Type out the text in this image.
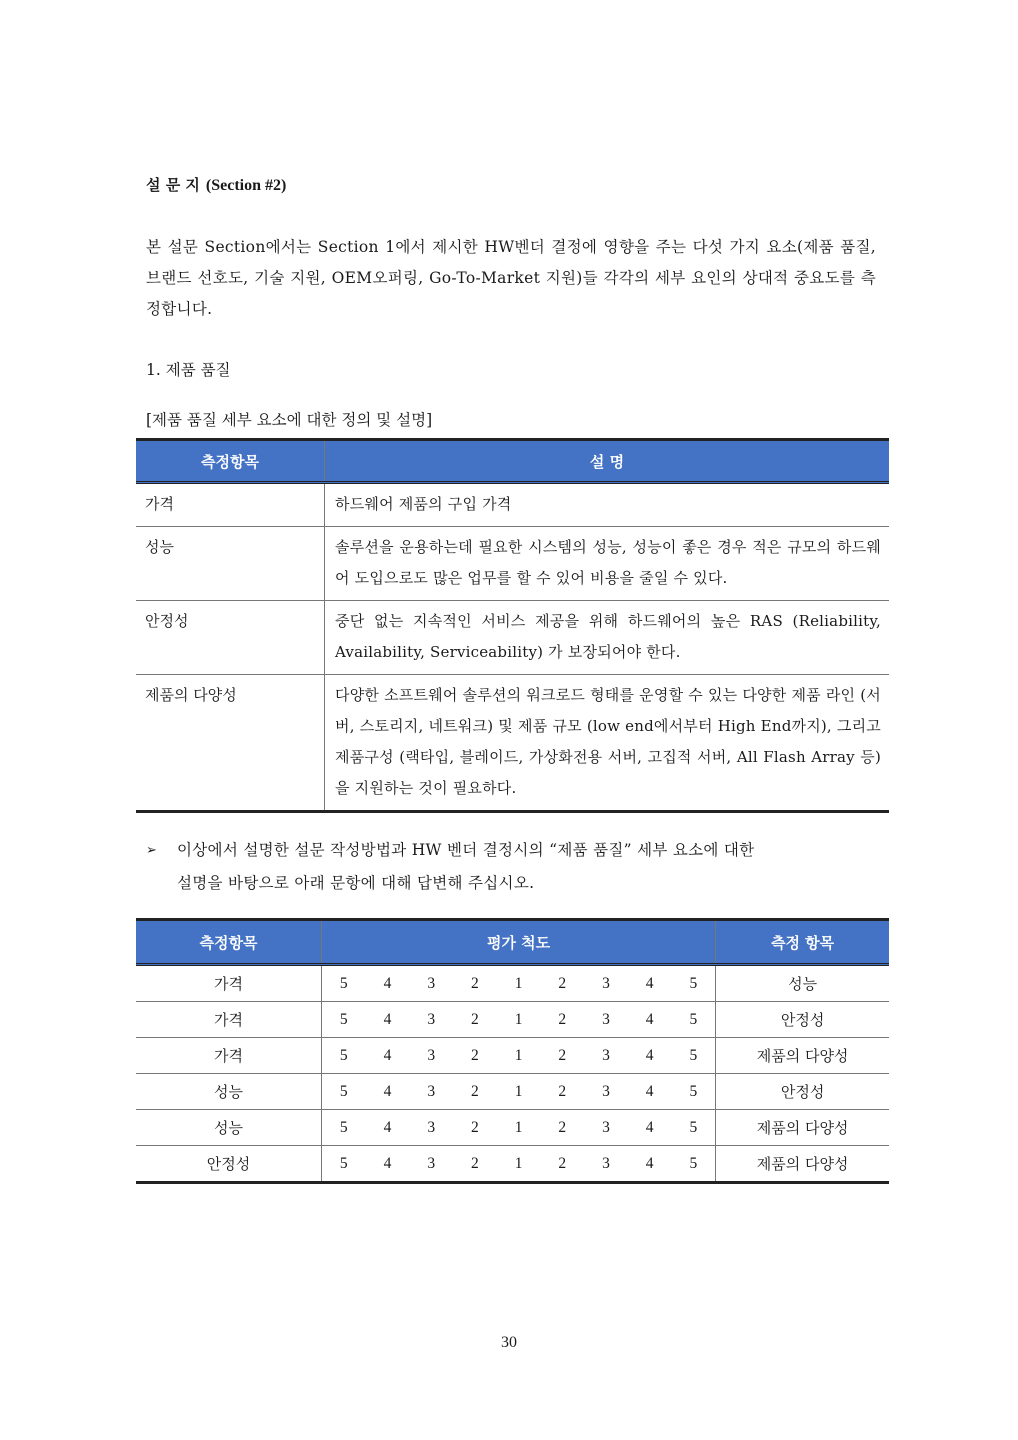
설 문 지 (Section #2)
본 설문 Section에서는 Section 1에서 제시한 HW벤더 결정에 영향을 주는 다섯 가지 요소(제품 품질, 브랜드 선호도, 기술 지원, OEM오퍼링, Go-To-Market 지원)들 각각의 세부 요인의 상대적 중요도를 측정합니다.
1. 제품 품질
[제품 품질 세부 요소에 대한 정의 및 설명]
측정항목	설 명
가격	하드웨어 제품의 구입 가격
성능	솔루션을 운용하는데 필요한 시스템의 성능, 성능이 좋은 경우 적은 규모의 하드웨어 도입으로도 많은 업무를 할 수 있어 비용을 줄일 수 있다.
안정성	중단 없는 지속적인 서비스 제공을 위해 하드웨어의 높은 RAS (Reliability, Availability, Serviceability) 가 보장되어야 한다.
제품의 다양성	다양한 소프트웨어 솔루션의 워크로드 형태를 운영할 수 있는 다양한 제품 라인 (서버, 스토리지, 네트워크) 및 제품 규모 (low end에서부터 High End까지), 그리고 제품구성 (랙타입, 블레이드, 가상화전용 서버, 고집적 서버, All Flash Array 등)을 지원하는 것이 필요하다.
➢ 이상에서 설명한 설문 작성방법과 HW 벤더 결정시의 “제품 품질” 세부 요소에 대한
설명을 바탕으로 아래 문항에 대해 답변해 주십시오.
측정항목	평가 척도									측정 항목
가격	5	4	3	2	1	2	3	4	5	성능
가격	5	4	3	2	1	2	3	4	5	안정성
가격	5	4	3	2	1	2	3	4	5	제품의 다양성
성능	5	4	3	2	1	2	3	4	5	안정성
성능	5	4	3	2	1	2	3	4	5	제품의 다양성
안정성	5	4	3	2	1	2	3	4	5	제품의 다양성
30
